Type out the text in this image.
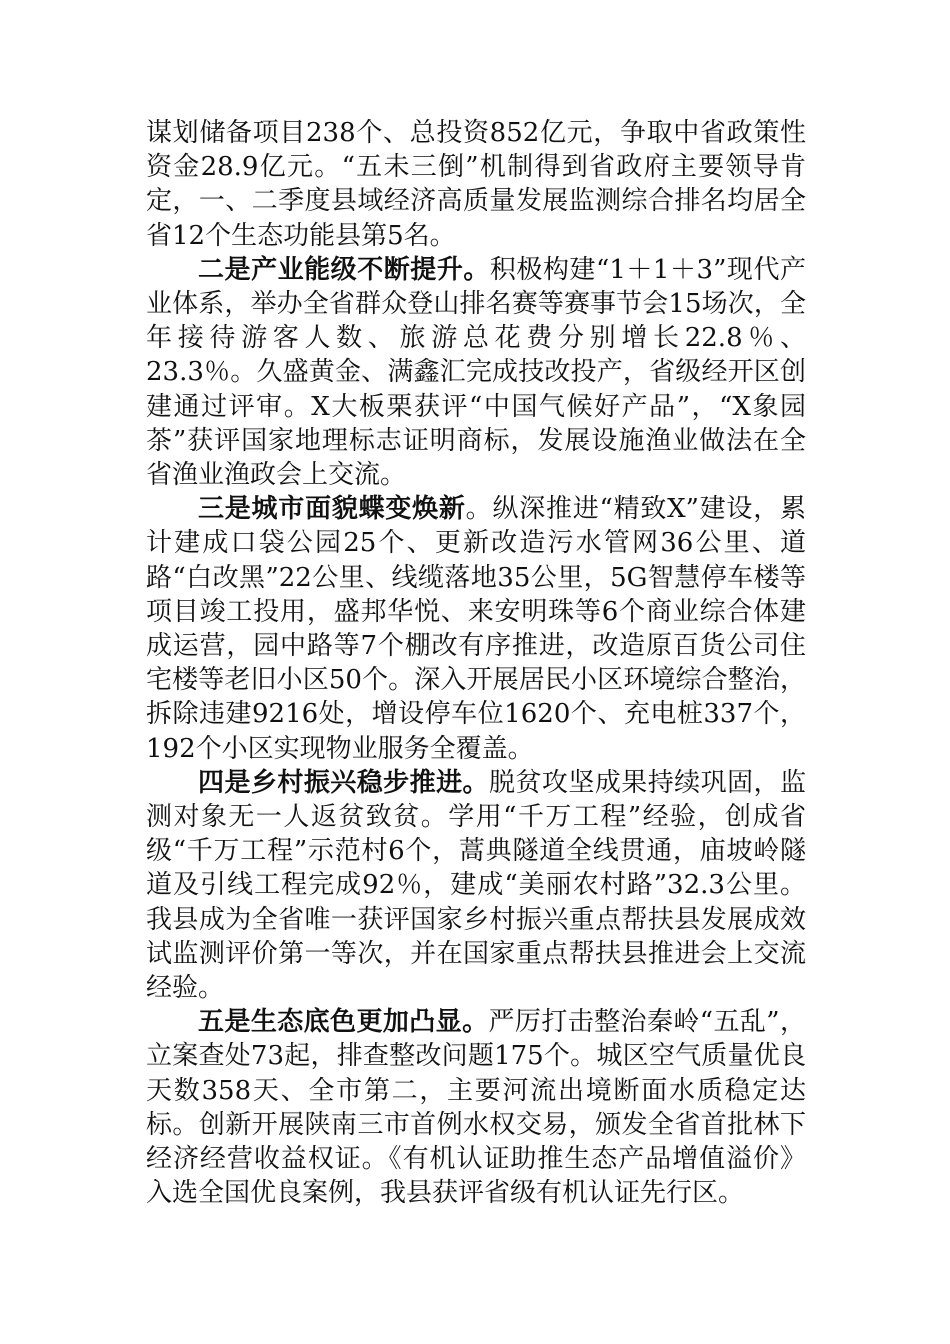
谋划储备项目238个、总投资852亿元，争取中省政策性资金28.9亿元。“五未三倒”机制得到省政府主要领导肯定，一、二季度县域经济高质量发展监测综合排名均居全省12个生态功能县第5名。

二是产业能级不断提升。积极构建“1＋1＋3”现代产业体系，举办全省群众登山排名赛等赛事节会15场次，全年接待游客人数、旅游总花费分别增长22.8％、23.3％。久盛黄金、满鑫汇完成技改投产，省级经开区创建通过评审。X大板栗获评“中国气候好产品”，“X象园茶”获评国家地理标志证明商标，发展设施渔业做法在全省渔业渔政会上交流。

三是城市面貌蝶变焕新。纵深推进“精致X”建设，累计建成口袋公园25个、更新改造污水管网36公里、道路“白改黑”22公里、线缆落地35公里，5G智慧停车楼等项目竣工投用，盛邦华悦、来安明珠等6个商业综合体建成运营，园中路等7个棚改有序推进，改造原百货公司住宅楼等老旧小区50个。深入开展居民小区环境综合整治，拆除违建9216处，增设停车位1620个、充电桩337个，192个小区实现物业服务全覆盖。

四是乡村振兴稳步推进。脱贫攻坚成果持续巩固，监测对象无一人返贫致贫。学用“千万工程”经验，创成省级“千万工程”示范村6个，蒿典隧道全线贯通，庙坡岭隧道及引线工程完成92％，建成“美丽农村路”32.3公里。我县成为全省唯一获评国家乡村振兴重点帮扶县发展成效试监测评价第一等次，并在国家重点帮扶县推进会上交流经验。

五是生态底色更加凸显。严厉打击整治秦岭“五乱”，立案查处73起，排查整改问题175个。城区空气质量优良天数358天、全市第二，主要河流出境断面水质稳定达标。创新开展陕南三市首例水权交易，颁发全省首批林下经济经营收益权证。《有机认证助推生态产品增值溢价》入选全国优良案例，我县获评省级有机认证先行区。
